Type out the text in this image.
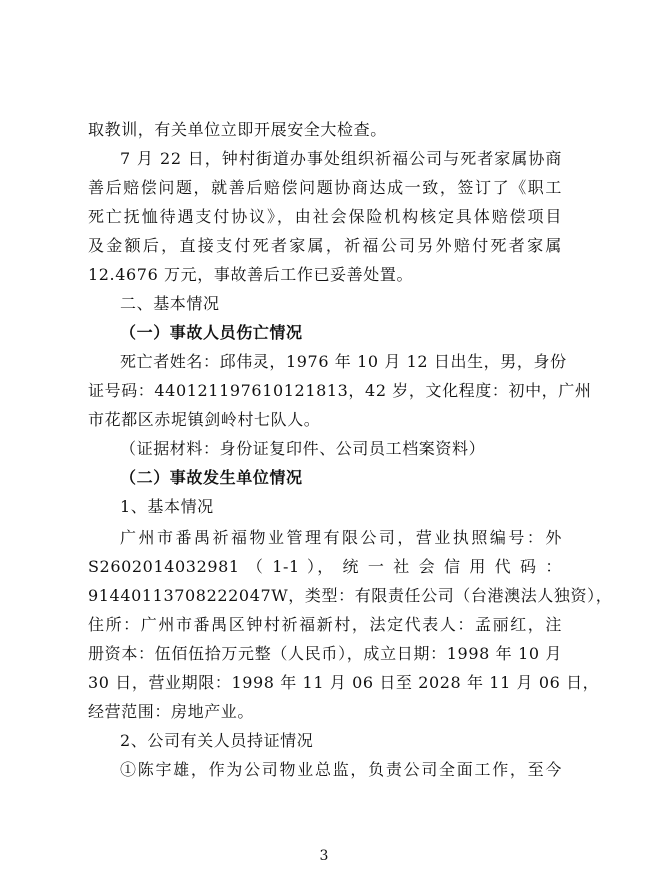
取教训，有关单位立即开展安全大检查。
7 月 22 日，钟村街道办事处组织祈福公司与死者家属协商
善后赔偿问题，就善后赔偿问题协商达成一致，签订了《职工
死亡抚恤待遇支付协议》，由社会保险机构核定具体赔偿项目
及金额后，直接支付死者家属，祈福公司另外赔付死者家属
12.4676 万元，事故善后工作已妥善处置。
二、基本情况
（一）事故人员伤亡情况
死亡者姓名：邱伟灵，1976 年 10 月 12 日出生，男，身份
证号码：440121197610121813，42 岁，文化程度：初中，广州
市花都区赤坭镇剑岭村七队人。
（证据材料：身份证复印件、公司员工档案资料）
（二）事故发生单位情况
1、基本情况
广州市番禺祈福物业管理有限公司，营业执照编号：外
S2602014032981 （ 1-1 ）， 统 一 社 会 信 用 代 码 ：
91440113708222047W，类型：有限责任公司（台港澳法人独资），
住所：广州市番禺区钟村祈福新村，法定代表人：孟丽红，注
册资本：伍佰伍拾万元整（人民币），成立日期：1998 年 10 月
30 日，营业期限：1998 年 11 月 06 日至 2028 年 11 月 06 日，
经营范围：房地产业。
2、公司有关人员持证情况
①陈宇雄，作为公司物业总监，负责公司全面工作，至今
3
